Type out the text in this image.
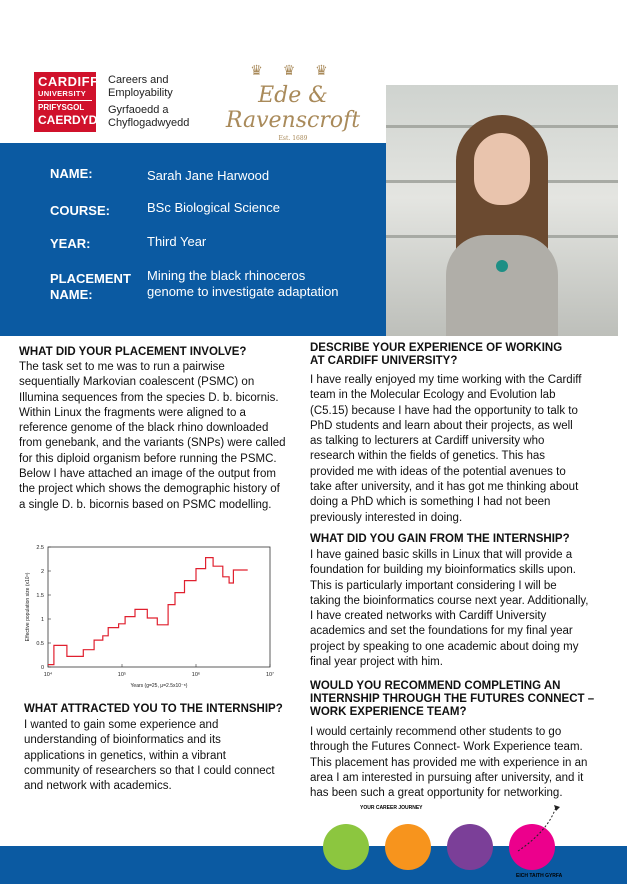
CARDIFF
UNIVERSITY
PRIFYSGOL
CAERDYDD
Careers and
Employability
Gyrfaoedd a
Chyflogadwyedd
♛ ♛ ♛
Ede & Ravenscroft
Est. 1689
NAME:	Sarah Jane Harwood
COURSE:	BSc Biological Science
YEAR:	Third Year
PLACEMENT
NAME:
Mining the black rhinoceros
genome to investigate adaptation
WHAT DID YOUR PLACEMENT INVOLVE?
The task set to me was to run a pairwise
sequentially Markovian coalescent (PSMC) on
Illumina sequences from the species D. b. bicornis.
Within Linux the fragments were aligned to a
reference genome of the black rhino downloaded
from genebank, and the variants (SNPs) were called
for this diploid organism before running the PSMC.
Below I have attached an image of the output from
the project which shows the demographic history of
a single D. b. bicornis based on PSMC modelling.
0
0.5
1
1.5
2
2.5
10⁴	10⁵	10⁶	10⁷
Years (g=25, μ=2.5x10⁻⁸)
Effective population size (x10⁴)
WHAT ATTRACTED YOU TO THE INTERNSHIP?
I wanted to gain some experience and
understanding of bioinformatics and its
applications in genetics, within a vibrant
community of researchers so that I could connect
and network with academics.
DESCRIBE YOUR EXPERIENCE OF WORKING
AT CARDIFF UNIVERSITY?
I have really enjoyed my time working with the Cardiff
team in the Molecular Ecology and Evolution lab
(C5.15) because I have had the opportunity to talk to
PhD students and learn about their projects, as well
as talking to lecturers at Cardiff university who
research within the fields of genetics. This has
provided me with ideas of the potential avenues to
take after university, and it has got me thinking about
doing a PhD which is something I had not been
previously interested in doing.
WHAT DID YOU GAIN FROM THE INTERNSHIP?
I have gained basic skills in Linux that will provide a
foundation for building my bioinformatics skills upon.
This is particularly important considering I will be
taking the bioinformatics course next year. Additionally,
I have created networks with Cardiff University
academics and set the foundations for my final year
project by speaking to one academic about doing my
final year project with him.
WOULD YOU RECOMMEND COMPLETING AN
INTERNSHIP THROUGH THE FUTURES CONNECT –
WORK EXPERIENCE TEAM?
I would certainly recommend other students to go
through the Futures Connect- Work Experience team.
This placement has provided me with experience in an
area I am interested in pursuing after university, and it
has been such a great opportunity for networking.
YOUR CAREER JOURNEY
EICH TAITH GYRFA
